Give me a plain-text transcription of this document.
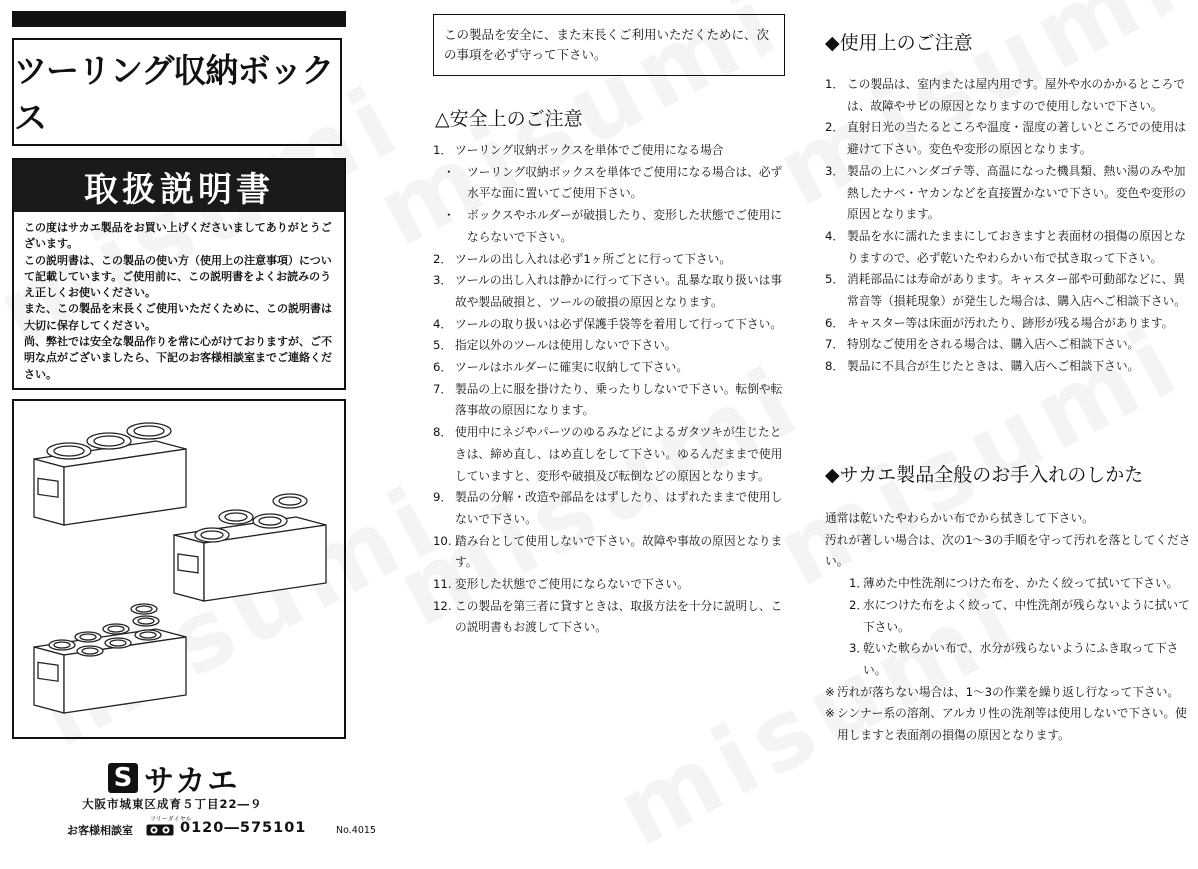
ツーリング収納ボックス
取扱説明書

この度はサカエ製品をお買い上げくださいましてありがとうございます。

この説明書は、この製品の使い方（使用上の注意事項）について記載しています。ご使用前に、この説明書をよくお読みのうえ正しくお使いください。

また、この製品を末長くご使用いただくために、この説明書は大切に保存してください。

尚、弊社では安全な製品作りを常に心がけておりますが、ご不明な点がございましたら、下記のお客様相談室までご連絡ください。

S サカエ
大阪市城東区成育５丁目22―９
お客様相談室
フリーダイヤル
0120―575101	No.4015
この製品を安全に、また末長くご利用いただくために、次の事項を必ず守って下さい。
△安全上のご注意
1． ツーリング収納ボックスを単体でご使用になる場合
・ ツーリング収納ボックスを単体でご使用になる場合は、必ず水平な面に置いてご使用下さい。
・ ボックスやホルダーが破損したり、変形した状態でご使用にならないで下さい。
2． ツールの出し入れは必ず1ヶ所ごとに行って下さい。
3． ツールの出し入れは静かに行って下さい。乱暴な取り扱いは事故や製品破損と、ツールの破損の原因となります。
4． ツールの取り扱いは必ず保護手袋等を着用して行って下さい。
5． 指定以外のツールは使用しないで下さい。
6． ツールはホルダーに確実に収納して下さい。
7． 製品の上に服を掛けたり、乗ったりしないで下さい。転倒や転落事故の原因になります。
8． 使用中にネジやパーツのゆるみなどによるガタツキが生じたときは、締め直し、はめ直しをして下さい。ゆるんだままで使用していますと、変形や破損及び転倒などの原因となります。
9． 製品の分解・改造や部品をはずしたり、はずれたままで使用しないで下さい。
10. 踏み台として使用しないで下さい。故障や事故の原因となります。
11. 変形した状態でご使用にならないで下さい。
12. この製品を第三者に貸すときは、取扱方法を十分に説明し、この説明書もお渡して下さい。
◆使用上のご注意
1． この製品は、室内または屋内用です。屋外や水のかかるところでは、故障やサビの原因となりますので使用しないで下さい。
2． 直射日光の当たるところや温度・湿度の著しいところでの使用は避けて下さい。変色や変形の原因となります。
3． 製品の上にハンダゴテ等、高温になった機具類、熱い湯のみや加熱したナベ・ヤカンなどを直接置かないで下さい。変色や変形の原因となります。
4． 製品を水に濡れたままにしておきますと表面材の損傷の原因となりますので、必ず乾いたやわらかい布で拭き取って下さい。
5． 消耗部品には寿命があります。キャスター部や可動部などに、異常音等（損耗現象）が発生した場合は、購入店へご相談下さい。
6． キャスター等は床面が汚れたり、跡形が残る場合があります。
7． 特別なご使用をされる場合は、購入店へご相談下さい。
8． 製品に不具合が生じたときは、購入店へご相談下さい。
◆サカエ製品全般のお手入れのしかた

通常は乾いたやわらかい布でから拭きして下さい。

汚れが著しい場合は、次の1～3の手順を守って汚れを落としてください。

1．
薄めた中性洗剤につけた布を、かたく絞って拭いて下さい。
2．
水につけた布をよく絞って、中性洗剤が残らないように拭いて下さい。
3．
乾いた軟らかい布で、水分が残らないようにふき取って下さい。
※ 汚れが落ちない場合は、1～3の作業を繰り返し行なって下さい。
※ シンナー系の溶剤、アルカリ性の洗剤等は使用しないで下さい。使用しますと表面剤の損傷の原因となります。
